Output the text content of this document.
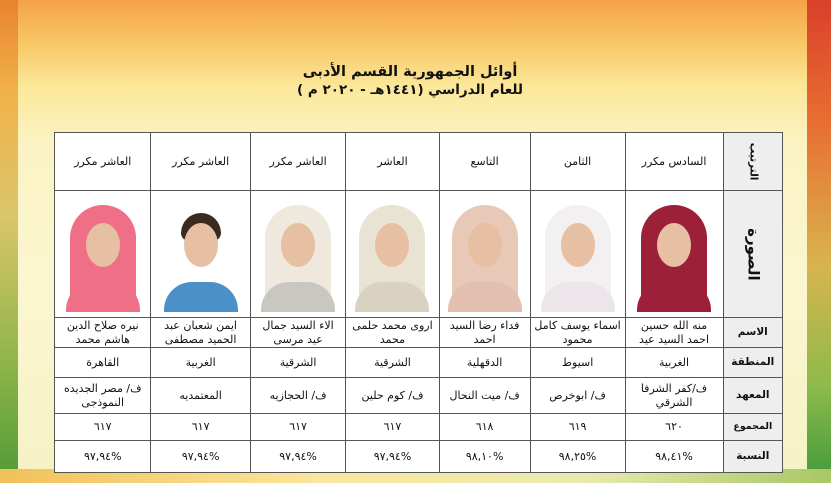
أوائل الجمهورية القسم الأدبى
للعام الدراسي (١٤٤١هـ - ٢٠٢٠ م )
الترتيب	السادس مكرر	الثامن	التاسع	العاشر	العاشر مكرر	العاشر مكرر	العاشر مكرر
الصورة	

الاسم	منه الله حسين احمد السيد عيد	اسماء يوسف كامل محمود	فداء رضا السيد احمد	اروى محمد حلمى محمد	الاء السيد جمال عيد مرسى	ايمن شعبان عبد الحميد مصطفى	نيره صلاح الدين هاشم محمد
المنطقة	الغربية	اسيوط	الدقهلية	الشرقية	الشرقية	الغربية	القاهرة
المعهد	ف/كفر الشرفا الشرقي	ف/ ابوخرص	ف/ ميت النحال	ف/ كوم حلين	ف/ الحجازيه	المعتمديه	ف/ مصر الجديده النموذجى
المجموع	٦٢٠	٦١٩	٦١٨	٦١٧	٦١٧	٦١٧	٦١٧
النسبة	%٩٨,٤١	%٩٨,٢٥	%٩٨,١٠	%٩٧,٩٤	%٩٧,٩٤	%٩٧,٩٤	%٩٧,٩٤
